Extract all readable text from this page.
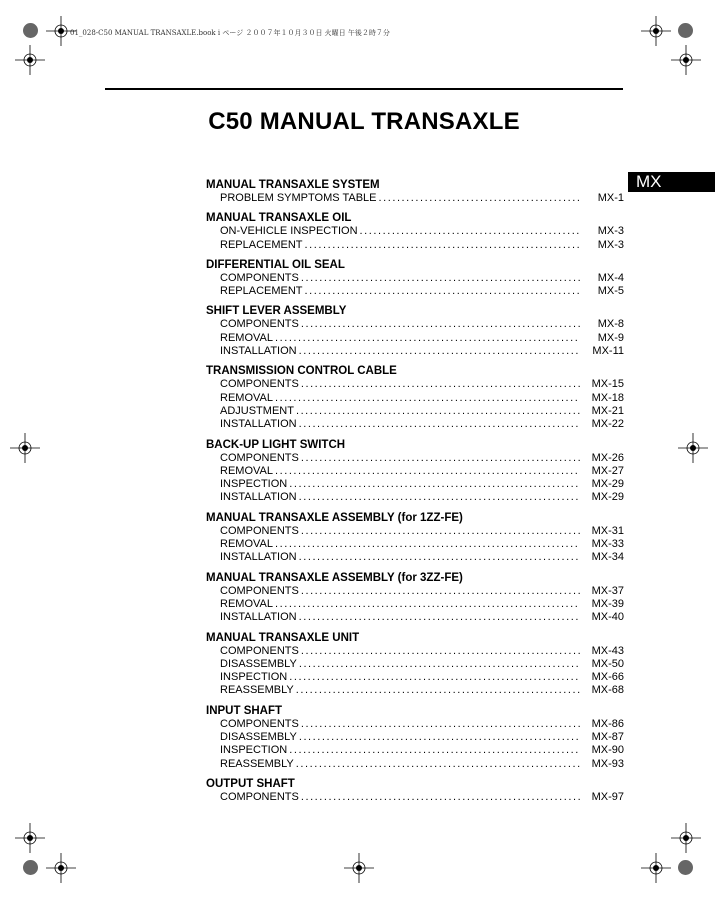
01_028-C50 MANUAL TRANSAXLE.book i ページ ２００７年１０月３０日 火曜日 午後２時７分
C50 MANUAL TRANSAXLE
MX
MANUAL TRANSAXLE SYSTEM
PROBLEM SYMPTOMS TABLE . . .	MX-1
MANUAL TRANSAXLE OIL
ON-VEHICLE INSPECTION . . .	MX-3
REPLACEMENT . . .	MX-3
DIFFERENTIAL OIL SEAL
COMPONENTS . . .	MX-4
REPLACEMENT . . .	MX-5
SHIFT LEVER ASSEMBLY
COMPONENTS . . .	MX-8
REMOVAL . . .	MX-9
INSTALLATION . . .	MX-11
TRANSMISSION CONTROL CABLE
COMPONENTS . . .	MX-15
REMOVAL . . .	MX-18
ADJUSTMENT . . .	MX-21
INSTALLATION . . .	MX-22
BACK-UP LIGHT SWITCH
COMPONENTS . . .	MX-26
REMOVAL . . .	MX-27
INSPECTION . . .	MX-29
INSTALLATION . . .	MX-29
MANUAL TRANSAXLE ASSEMBLY (for 1ZZ-FE)
COMPONENTS . . .	MX-31
REMOVAL . . .	MX-33
INSTALLATION . . .	MX-34
MANUAL TRANSAXLE ASSEMBLY (for 3ZZ-FE)
COMPONENTS . . .	MX-37
REMOVAL . . .	MX-39
INSTALLATION . . .	MX-40
MANUAL TRANSAXLE UNIT
COMPONENTS . . .	MX-43
DISASSEMBLY . . .	MX-50
INSPECTION . . .	MX-66
REASSEMBLY . . .	MX-68
INPUT SHAFT
COMPONENTS . . .	MX-86
DISASSEMBLY . . .	MX-87
INSPECTION . . .	MX-90
REASSEMBLY . . .	MX-93
OUTPUT SHAFT
COMPONENTS . . .	MX-97
